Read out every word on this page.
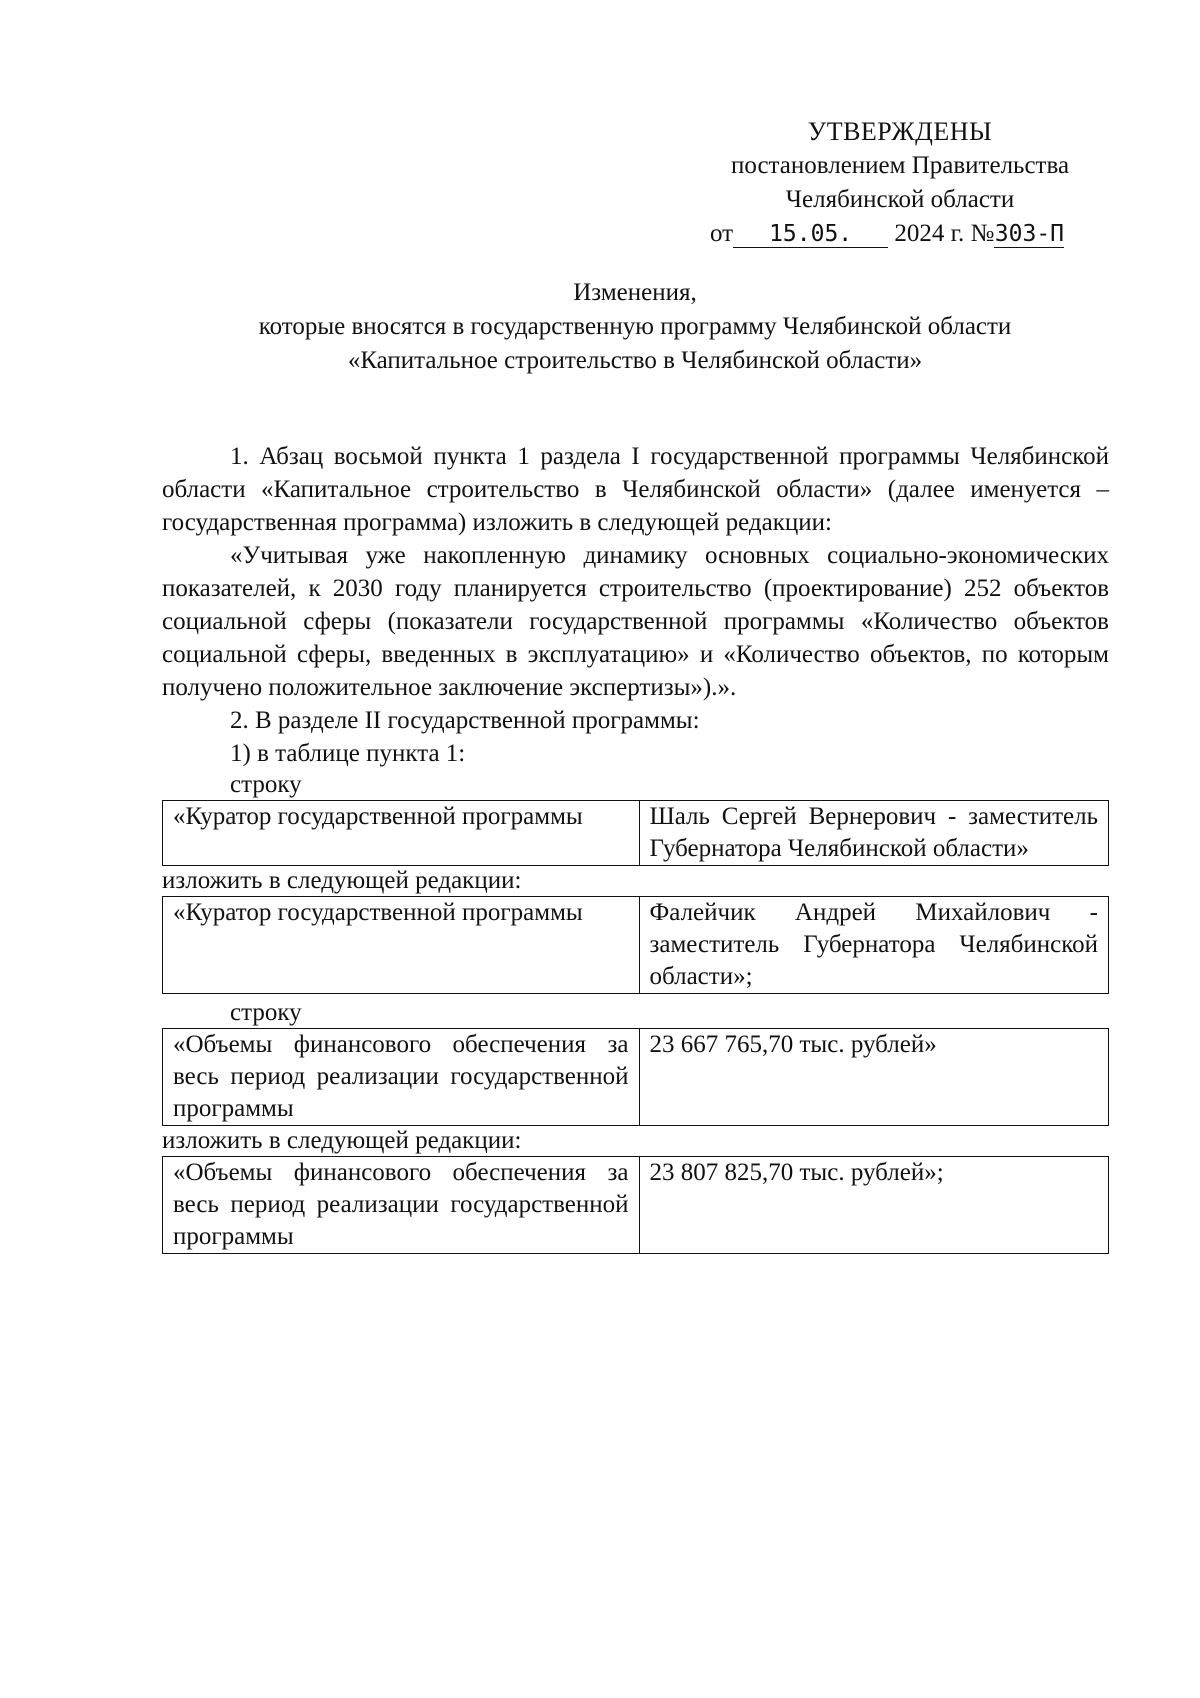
УТВЕРЖДЕНЫ
постановлением Правительства
Челябинской области
от 15.05. 2024 г. №303-П
Изменения,
которые вносятся в государственную программу Челябинской области
«Капитальное строительство в Челябинской области»

1. Абзац восьмой пункта 1 раздела I государственной программы Челябинской области «Капитальное строительство в Челябинской области» (далее именуется – государственная программа) изложить в следующей редакции:

«Учитывая уже накопленную динамику основных социально-экономических показателей, к 2030 году планируется строительство (проектирование) 252 объектов социальной сферы (показатели государственной программы «Количество объектов социальной сферы, введенных в эксплуатацию» и «Количество объектов, по которым получено положительное заключение экспертизы»).».

2. В разделе II государственной программы:

1) в таблице пункта 1:

строку

«Куратор государственной программы	Шаль Сергей Вернерович - заместитель Губернатора Челябинской области»

изложить в следующей редакции:

«Куратор государственной программы	Фалейчик Андрей Михайлович - заместитель Губернатора Челябинской области»;

строку

«Объемы финансового обеспечения за весь период реализации государственной программы	23 667 765,70 тыс. рублей»

изложить в следующей редакции:

«Объемы финансового обеспечения за весь период реализации государственной программы	23 807 825,70 тыс. рублей»;
